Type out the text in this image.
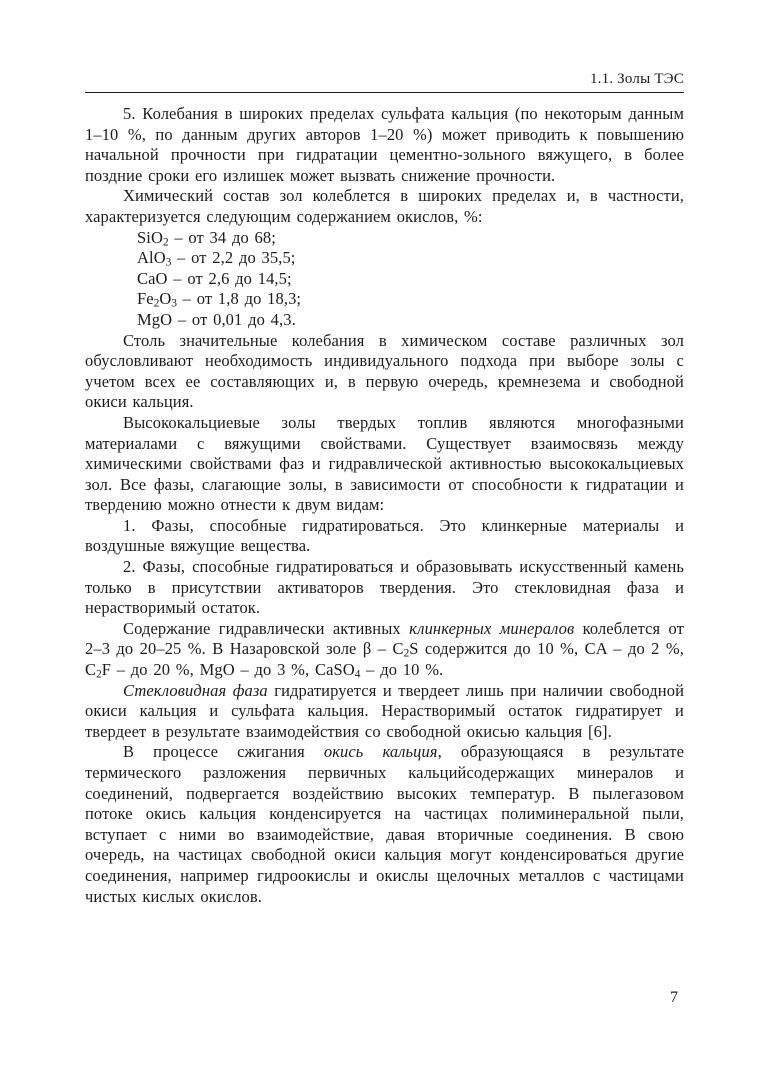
1.1. Золы ТЭС

5. Колебания в широких пределах сульфата кальция (по некоторым данным 1–10 %, по данным других авторов 1–20 %) может приводить к повышению начальной прочности при гидратации цементно-зольного вяжущего, в более поздние сроки его излишек может вызвать снижение прочности.

Химический состав зол колеблется в широких пределах и, в частности, характеризуется следующим содержанием окислов, %:

SiO$_2$ – от 34 до 68;

AlO$_3$ – от 2,2 до 35,5;

CaO – от 2,6 до 14,5;

$Fe_2O_3$ – от 1,8 до 18,3;

MgO – от 0,01 до 4,3.

Столь значительные колебания в химическом составе различных зол обусловливают необходимость индивидуального подхода при выборе золы с учетом всех ее составляющих и, в первую очередь, кремнезема и свободной окиси кальция.

Высококальциевые золы твердых топлив являются многофазными материалами с вяжущими свойствами. Существует взаимосвязь между химическими свойствами фаз и гидравлической активностью высококальциевых зол. Все фазы, слагающие золы, в зависимости от способности к гидратации и твердению можно отнести к двум видам:

1. Фазы, способные гидратироваться. Это клинкерные материалы и воздушные вяжущие вещества.

2. Фазы, способные гидратироваться и образовывать искусственный камень только в присутствии активаторов твердения. Это стекловидная фаза и нерастворимый остаток.

Содержание гидравлически активных клинкерных минералов колеблется от 2–3 до 20–25 %. В Назаровской золе β – $C_2S$ содержится до 10 %, CA – до 2 %, $C_2F$ – до 20 %, MgO – до 3 %, CaSO$_4$ – до 10 %.

Стекловидная фаза гидратируется и твердеет лишь при наличии свободной окиси кальция и сульфата кальция. Нерастворимый остаток гидратирует и твердеет в результате взаимодействия со свободной окисью кальция [6].

В процессе сжигания окись кальция, образующаяся в результате термического разложения первичных кальцийсодержащих минералов и соединений, подвергается воздействию высоких температур. В пылегазовом потоке окись кальция конденсируется на частицах полиминеральной пыли, вступает с ними во взаимодействие, давая вторичные соединения. В свою очередь, на частицах свободной окиси кальция могут конденсироваться другие соединения, например гидроокислы и окислы щелочных металлов с частицами чистых кислых окислов.

7
